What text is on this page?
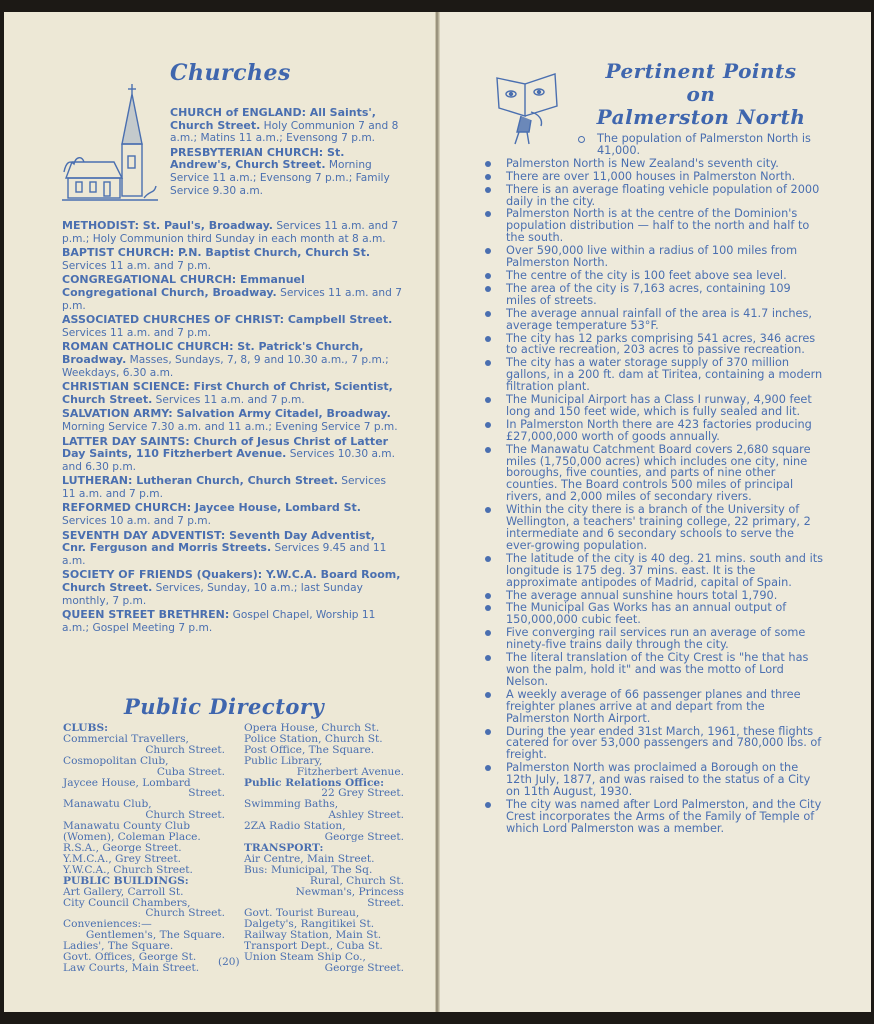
Churches
CHURCH of ENGLAND: All Saints', Church Street. Holy Communion 7 and 8 a.m.; Matins 11 a.m.; Evensong 7 p.m.
PRESBYTERIAN CHURCH: St. Andrew's, Church Street. Morning Service 11 a.m.; Evensong 7 p.m.; Family Service 9.30 a.m.
METHODIST: St. Paul's, Broadway. Services 11 a.m. and 7 p.m.; Holy Communion third Sunday in each month at 8 a.m.
BAPTIST CHURCH: P.N. Baptist Church, Church St. Services 11 a.m. and 7 p.m.
CONGREGATIONAL CHURCH: Emmanuel Congregational Church, Broadway. Services 11 a.m. and 7 p.m.
ASSOCIATED CHURCHES OF CHRIST: Campbell Street. Services 11 a.m. and 7 p.m.
ROMAN CATHOLIC CHURCH: St. Patrick's Church, Broadway. Masses, Sundays, 7, 8, 9 and 10.30 a.m., 7 p.m.; Weekdays, 6.30 a.m.
CHRISTIAN SCIENCE: First Church of Christ, Scientist, Church Street. Services 11 a.m. and 7 p.m.
SALVATION ARMY: Salvation Army Citadel, Broadway. Morning Service 7.30 a.m. and 11 a.m.; Evening Service 7 p.m.
LATTER DAY SAINTS: Church of Jesus Christ of Latter Day Saints, 110 Fitzherbert Avenue. Services 10.30 a.m. and 6.30 p.m.
LUTHERAN: Lutheran Church, Church Street. Services 11 a.m. and 7 p.m.
REFORMED CHURCH: Jaycee House, Lombard St. Services 10 a.m. and 7 p.m.
SEVENTH DAY ADVENTIST: Seventh Day Adventist, Cnr. Ferguson and Morris Streets. Services 9.45 and 11 a.m.
SOCIETY OF FRIENDS (Quakers): Y.W.C.A. Board Room, Church Street. Services, Sunday, 10 a.m.; last Sunday monthly, 7 p.m.
QUEEN STREET BRETHREN: Gospel Chapel, Worship 11 a.m.; Gospel Meeting 7 p.m.
Public Directory
CLUBS:
Commercial Travellers,
Church Street.
Cosmopolitan Club,
Cuba Street.
Jaycee House, Lombard
Street.
Manawatu Club,
Church Street.
Manawatu County Club
(Women), Coleman Place.
R.S.A., George Street.
Y.M.C.A., Grey Street.
Y.W.C.A., Church Street.
PUBLIC BUILDINGS:
Art Gallery, Carroll St.
City Council Chambers,
Church Street.
Conveniences:—
Gentlemen's, The Square.
Ladies', The Square.
Govt. Offices, George St.
Law Courts, Main Street.
Opera House, Church St.
Police Station, Church St.
Post Office, The Square.
Public Library,
Fitzherbert Avenue.
Public Relations Office:
22 Grey Street.
Swimming Baths,
Ashley Street.
2ZA Radio Station,
George Street.
TRANSPORT:
Air Centre, Main Street.
Bus: Municipal, The Sq.
Rural, Church St.
Newman's, Princess
Street.
Govt. Tourist Bureau,
Dalgety's, Rangitikei St.
Railway Station, Main St.
Transport Dept., Cuba St.
Union Steam Ship Co.,
George Street.
(20)
Pertinent Points
on
Palmerston North
The population of Palmerston North is 41,000.
Palmerston North is New Zealand's seventh city.
There are over 11,000 houses in Palmerston North.
There is an average floating vehicle population of 2000 daily in the city.
Palmerston North is at the centre of the Dominion's population distribution — half to the north and half to the south.
Over 590,000 live within a radius of 100 miles from Palmerston North.
The centre of the city is 100 feet above sea level.
The area of the city is 7,163 acres, containing 109 miles of streets.
The average annual rainfall of the area is 41.7 inches, average temperature 53°F.
The city has 12 parks comprising 541 acres, 346 acres to active recreation, 203 acres to passive recreation.
The city has a water storage supply of 370 million gallons, in a 200 ft. dam at Tiritea, containing a modern filtration plant.
The Municipal Airport has a Class I runway, 4,900 feet long and 150 feet wide, which is fully sealed and lit.
In Palmerston North there are 423 factories producing £27,000,000 worth of goods annually.
The Manawatu Catchment Board covers 2,680 square miles (1,750,000 acres) which includes one city, nine boroughs, five counties, and parts of nine other counties. The Board controls 500 miles of principal rivers, and 2,000 miles of secondary rivers.
Within the city there is a branch of the University of Wellington, a teachers' training college, 22 primary, 2 intermediate and 6 secondary schools to serve the ever-growing population.
The latitude of the city is 40 deg. 21 mins. south and its longitude is 175 deg. 37 mins. east. It is the approximate antipodes of Madrid, capital of Spain.
The average annual sunshine hours total 1,790.
The Municipal Gas Works has an annual output of 150,000,000 cubic feet.
Five converging rail services run an average of some ninety-five trains daily through the city.
The literal translation of the City Crest is "he that has won the palm, hold it" and was the motto of Lord Nelson.
A weekly average of 66 passenger planes and three freighter planes arrive at and depart from the Palmerston North Airport.
During the year ended 31st March, 1961, these flights catered for over 53,000 passengers and 780,000 lbs. of freight.
Palmerston North was proclaimed a Borough on the 12th July, 1877, and was raised to the status of a City on 11th August, 1930.
The city was named after Lord Palmerston, and the City Crest incorporates the Arms of the Family of Temple of which Lord Palmerston was a member.
